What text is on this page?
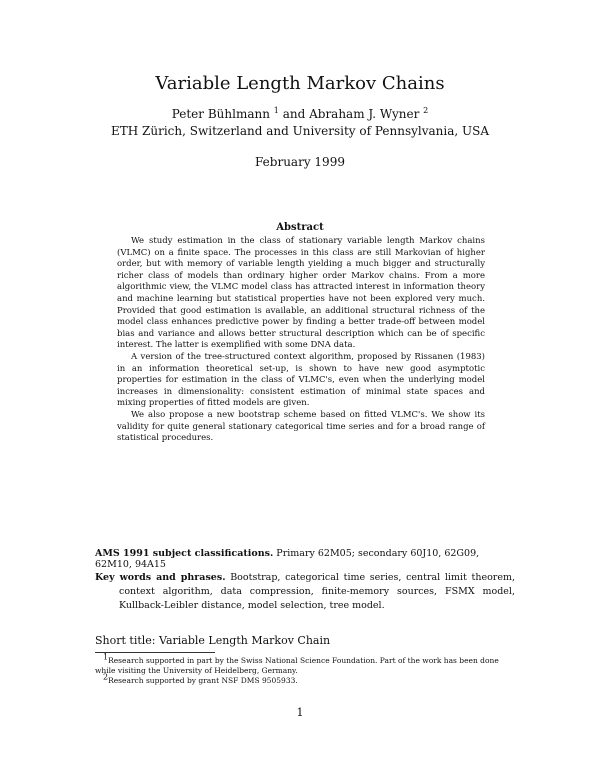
Variable Length Markov Chains
Peter Bühlmann $^1$ and Abraham J. Wyner $^2$
ETH Zürich, Switzerland and University of Pennsylvania, USA
February 1999
Abstract

We study estimation in the class of stationary variable length Markov chains (VLMC) on a finite space. The processes in this class are still Markovian of higher order, but with memory of variable length yielding a much bigger and structurally richer class of models than ordinary higher order Markov chains. From a more algorithmic view, the VLMC model class has attracted interest in information theory and machine learning but statistical properties have not been explored very much. Provided that good estimation is available, an additional structural richness of the model class enhances predictive power by finding a better trade-off between model bias and variance and allows better structural description which can be of specific interest. The latter is exemplified with some DNA data.

A version of the tree-structured context algorithm, proposed by Rissanen (1983) in an information theoretical set-up, is shown to have new good asymptotic properties for estimation in the class of VLMC's, even when the underlying model increases in dimensionality: consistent estimation of minimal state spaces and mixing properties of fitted models are given.

We also propose a new bootstrap scheme based on fitted VLMC's. We show its validity for quite general stationary categorical time series and for a broad range of statistical procedures.

AMS 1991 subject classifications. Primary 62M05; secondary 60J10, 62G09, 62M10, 94A15
Key words and phrases. Bootstrap, categorical time series, central limit theorem, context algorithm, data compression, finite-memory sources, FSMX model, Kullback-Leibler distance, model selection, tree model.
Short title: Variable Length Markov Chain

$^1$Research supported in part by the Swiss National Science Foundation. Part of the work has been done while visiting the University of Heidelberg, Germany.

$^2$Research supported by grant NSF DMS 9505933.

1
